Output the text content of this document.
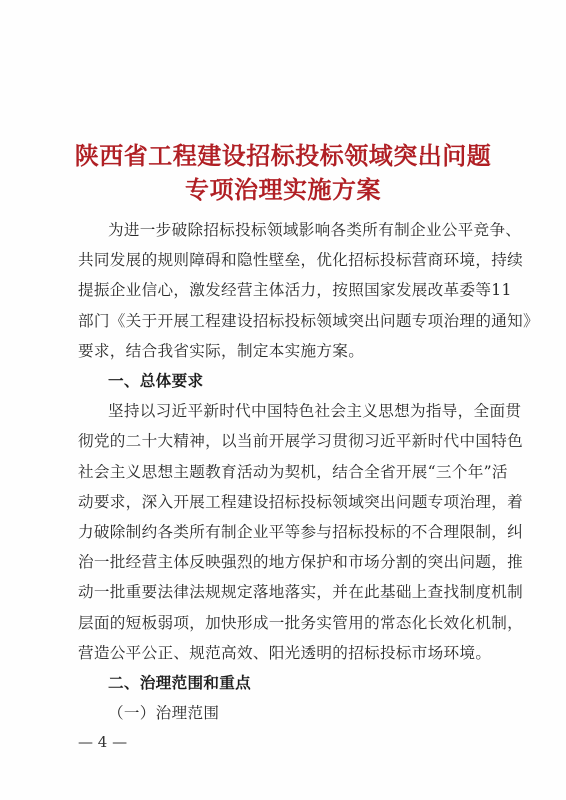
陕西省工程建设招标投标领域突出问题
专项治理实施方案
为进一步破除招标投标领域影响各类所有制企业公平竞争、
共同发展的规则障碍和隐性壁垒，优化招标投标营商环境，持续
提振企业信心，激发经营主体活力，按照国家发展改革委等11
部门《关于开展工程建设招标投标领域突出问题专项治理的通知》
要求，结合我省实际，制定本实施方案。
一、总体要求
坚持以习近平新时代中国特色社会主义思想为指导，全面贯
彻党的二十大精神，以当前开展学习贯彻习近平新时代中国特色
社会主义思想主题教育活动为契机，结合全省开展“三个年”活
动要求，深入开展工程建设招标投标领域突出问题专项治理，着
力破除制约各类所有制企业平等参与招标投标的不合理限制，纠
治一批经营主体反映强烈的地方保护和市场分割的突出问题，推
动一批重要法律法规规定落地落实，并在此基础上查找制度机制
层面的短板弱项，加快形成一批务实管用的常态化长效化机制，
营造公平公正、规范高效、阳光透明的招标投标市场环境。
二、治理范围和重点
（一）治理范围
— 4 —
